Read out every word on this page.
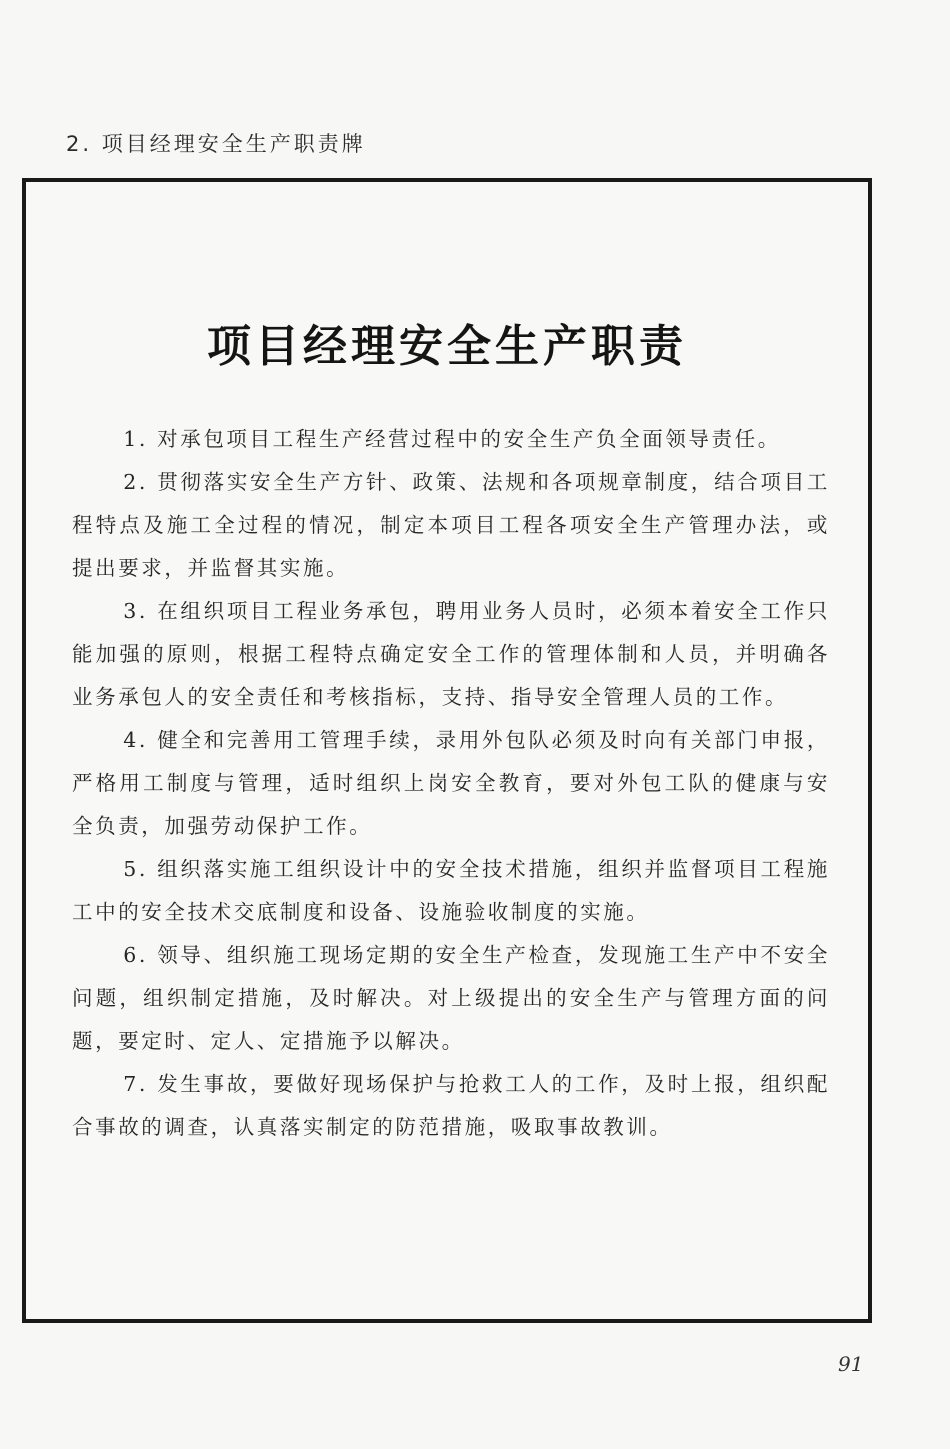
2. 项目经理安全生产职责牌
项目经理安全生产职责

1. 对承包项目工程生产经营过程中的安全生产负全面领导责任。

2. 贯彻落实安全生产方针、政策、法规和各项规章制度，结合项目工程特点及施工全过程的情况，制定本项目工程各项安全生产管理办法，或提出要求，并监督其实施。

3. 在组织项目工程业务承包，聘用业务人员时，必须本着安全工作只能加强的原则，根据工程特点确定安全工作的管理体制和人员，并明确各业务承包人的安全责任和考核指标，支持、指导安全管理人员的工作。

4. 健全和完善用工管理手续，录用外包队必须及时向有关部门申报，严格用工制度与管理，适时组织上岗安全教育，要对外包工队的健康与安全负责，加强劳动保护工作。

5. 组织落实施工组织设计中的安全技术措施，组织并监督项目工程施工中的安全技术交底制度和设备、设施验收制度的实施。

6. 领导、组织施工现场定期的安全生产检查，发现施工生产中不安全问题，组织制定措施，及时解决。对上级提出的安全生产与管理方面的问题，要定时、定人、定措施予以解决。

7. 发生事故，要做好现场保护与抢救工人的工作，及时上报，组织配合事故的调查，认真落实制定的防范措施，吸取事故教训。

91
